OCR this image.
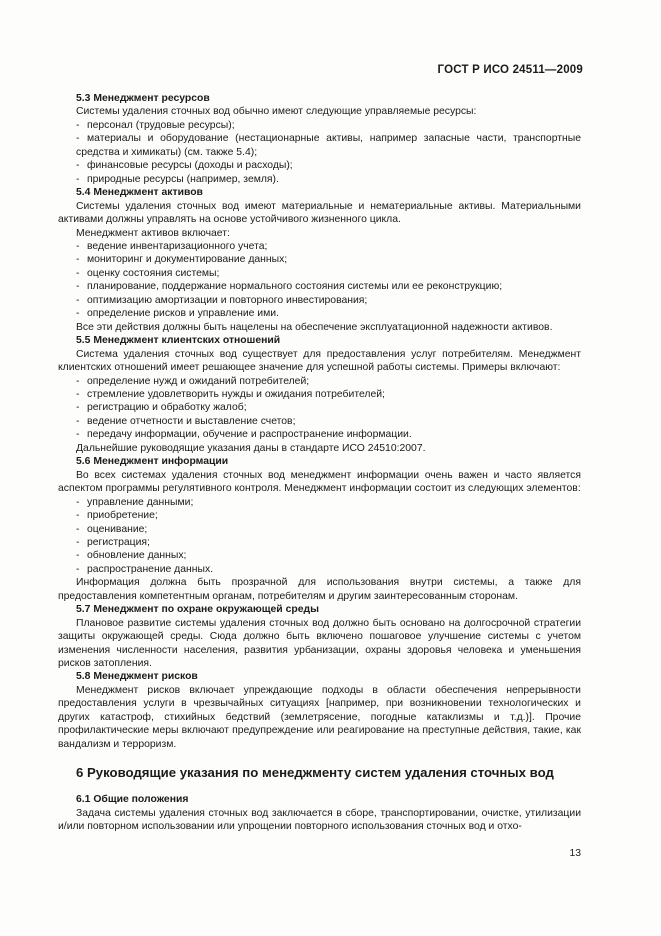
ГОСТ Р ИСО 24511—2009
5.3 Менеджмент ресурсов
Системы удаления сточных вод обычно имеют следующие управляемые ресурсы:
- персонал (трудовые ресурсы);
- материалы и оборудование (нестационарные активы, например запасные части, транспортные средства и химикаты) (см. также 5.4);
- финансовые ресурсы (доходы и расходы);
- природные ресурсы (например, земля).
5.4 Менеджмент активов
Системы удаления сточных вод имеют материальные и нематериальные активы. Материальными активами должны управлять на основе устойчивого жизненного цикла.
Менеджмент активов включает:
- ведение инвентаризационного учета;
- мониторинг и документирование данных;
- оценку состояния системы;
- планирование, поддержание нормального состояния системы или ее реконструкцию;
- оптимизацию амортизации и повторного инвестирования;
- определение рисков и управление ими.
Все эти действия должны быть нацелены на обеспечение эксплуатационной надежности активов.
5.5 Менеджмент клиентских отношений
Система удаления сточных вод существует для предоставления услуг потребителям. Менеджмент клиентских отношений имеет решающее значение для успешной работы системы. Примеры включают:
- определение нужд и ожиданий потребителей;
- стремление удовлетворить нужды и ожидания потребителей;
- регистрацию и обработку жалоб;
- ведение отчетности и выставление счетов;
- передачу информации, обучение и распространение информации.
Дальнейшие руководящие указания даны в стандарте ИСО 24510:2007.
5.6 Менеджмент информации
Во всех системах удаления сточных вод менеджмент информации очень важен и часто является аспектом программы регулятивного контроля. Менеджмент информации состоит из следующих элементов:
- управление данными;
- приобретение;
- оценивание;
- регистрация;
- обновление данных;
- распространение данных.
Информация должна быть прозрачной для использования внутри системы, а также для предоставления компетентным органам, потребителям и другим заинтересованным сторонам.
5.7 Менеджмент по охране окружающей среды
Плановое развитие системы удаления сточных вод должно быть основано на долгосрочной стратегии защиты окружающей среды. Сюда должно быть включено пошаговое улучшение системы с учетом изменения численности населения, развития урбанизации, охраны здоровья человека и уменьшения рисков затопления.
5.8 Менеджмент рисков
Менеджмент рисков включает упреждающие подходы в области обеспечения непрерывности предоставления услуги в чрезвычайных ситуациях [например, при возникновении технологических и других катастроф, стихийных бедствий (землетрясение, погодные катаклизмы и т.д.)]. Прочие профилактические меры включают предупреждение или реагирование на преступные действия, такие, как вандализм и терроризм.
6 Руководящие указания по менеджменту систем удаления сточных вод
6.1 Общие положения
Задача системы удаления сточных вод заключается в сборе, транспортировании, очистке, утилизации и/или повторном использовании или упрощении повторного использования сточных вод и отхо-
13
